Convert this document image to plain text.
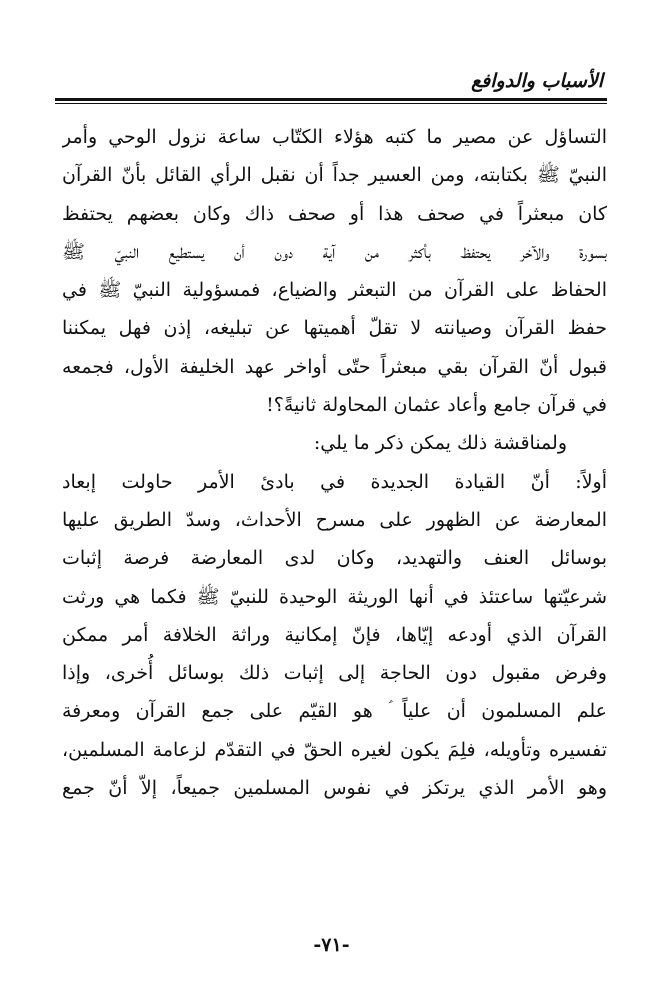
الأسباب والدوافع
التساؤل عن مصير ما كتبه هؤلاء الكتّاب ساعة نزول الوحي وأمر
النبيّ ﷺ بكتابته، ومن العسير جداً أن نقبل الرأي القائل بأنّ القرآن
كان مبعثراً في صحف هذا أو صحف ذاك وكان بعضهم يحتفظ
بسورة والآخر يحتفظ بأكثر من آية دون أن يستطيع النبيّ ﷺ
الحفاظ على القرآن من التبعثر والضياع، فمسؤولية النبيّ ﷺ في
حفظ القرآن وصيانته لا تقلّ أهميتها عن تبليغه، إذن فهل يمكننا
قبول أنّ القرآن بقي مبعثراً حتّى أواخر عهد الخليفة الأول، فجمعه
في قرآن جامع وأعاد عثمان المحاولة ثانيةً؟!
ولمناقشة ذلك يمكن ذكر ما يلي:
أولاً: أنّ القيادة الجديدة في بادئ الأمر حاولت إبعاد
المعارضة عن الظهور على مسرح الأحداث، وسدّ الطريق عليها
بوسائل العنف والتهديد، وكان لدى المعارضة فرصة إثبات
شرعيّتها ساعتئذ في أنها الوريثة الوحيدة للنبيّ ﷺ فكما هي ورثت
القرآن الذي أودعه إيّاها، فإنّ إمكانية وراثة الخلافة أمر ممكن
وفرض مقبول دون الحاجة إلى إثبات ذلك بوسائل أُخرى، وإذا
علم المسلمون أن علياً ؑ هو القيّم على جمع القرآن ومعرفة
تفسيره وتأويله، فلِمَ يكون لغيره الحقّ في التقدّم لزعامة المسلمين،
وهو الأمر الذي يرتكز في نفوس المسلمين جميعاً، إلاّ أنّ جمع
-٧١-
